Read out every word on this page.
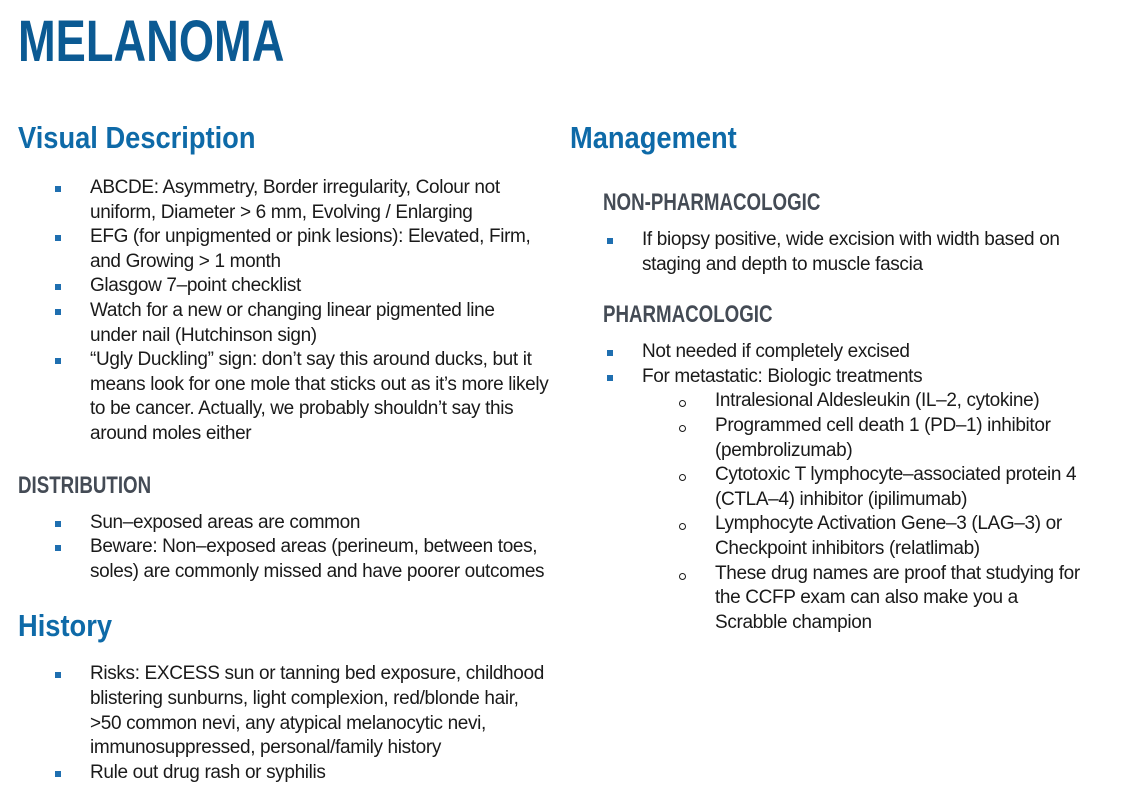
MELANOMA
Visual Description
ABCDE: Asymmetry, Border irregularity, Colour not uniform, Diameter > 6 mm, Evolving / Enlarging
EFG (for unpigmented or pink lesions): Elevated, Firm, and Growing > 1 month
Glasgow 7–point checklist
Watch for a new or changing linear pigmented line under nail (Hutchinson sign)
“Ugly Duckling” sign: don’t say this around ducks, but it means look for one mole that sticks out as it’s more likely to be cancer. Actually, we probably shouldn’t say this around moles either
DISTRIBUTION
Sun–exposed areas are common
Beware: Non–exposed areas (perineum, between toes, soles) are commonly missed and have poorer outcomes
History
Risks: EXCESS sun or tanning bed exposure, childhood blistering sunburns, light complexion, red/blonde hair, >50 common nevi, any atypical melanocytic nevi, immunosuppressed, personal/family history
Rule out drug rash or syphilis
Management
NON-PHARMACOLOGIC
If biopsy positive, wide excision with width based on staging and depth to muscle fascia
PHARMACOLOGIC
Not needed if completely excised
For metastatic: Biologic treatments
Intralesional Aldesleukin (IL–2, cytokine)
Programmed cell death 1 (PD–1) inhibitor (pembrolizumab)
Cytotoxic T lymphocyte–associated protein 4 (CTLA–4) inhibitor (ipilimumab)
Lymphocyte Activation Gene–3 (LAG–3) or Checkpoint inhibitors (relatlimab)
These drug names are proof that studying for the CCFP exam can also make you a Scrabble champion
